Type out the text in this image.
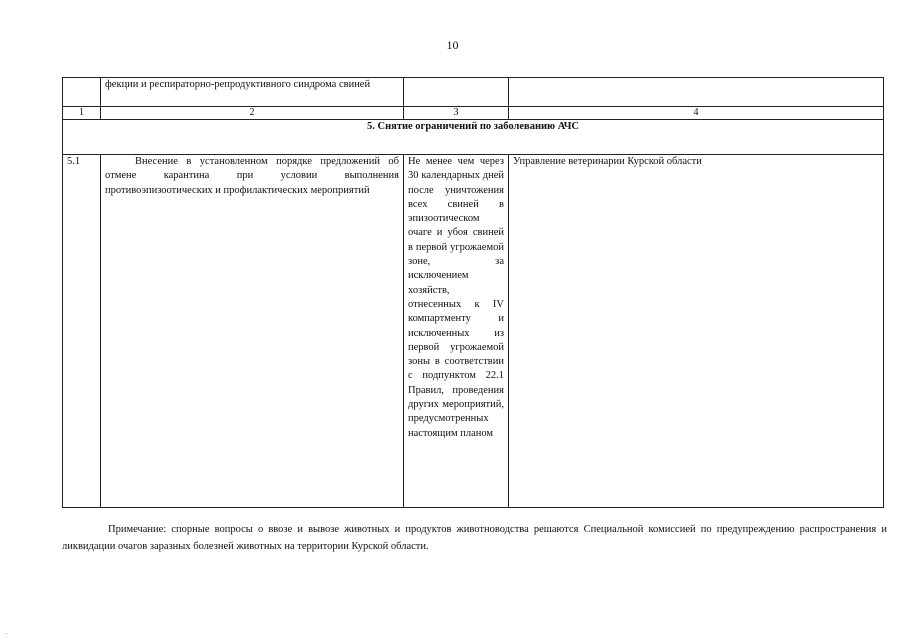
10
	фекции и респираторно-репродуктивного синдрома свиней		
1	2	3	4
5. Снятие ограничений по заболеванию АЧС			
5.1	Внесение в установленном порядке предложений об отмене карантина при условии выполнения противоэпизоотических и профилактических мероприятий	Не менее чем через 30 календарных дней после уничтожения всех свиней в эпизоотическом очаге и убоя свиней в первой угрожаемой зоне, за исключением хозяйств, отнесенных к IV компартменту и исключенных из первой угрожаемой зоны в соответствии с подпунктом 22.1 Правил, проведения других мероприятий, предусмотренных настоящим планом	Управление ветеринарии Курской области
Примечание: спорные вопросы о ввозе и вывозе животных и продуктов животноводства решаются Специальной комиссией по предупреждению распространения и ликвидации очагов заразных болезней животных на территории Курской области.
...
